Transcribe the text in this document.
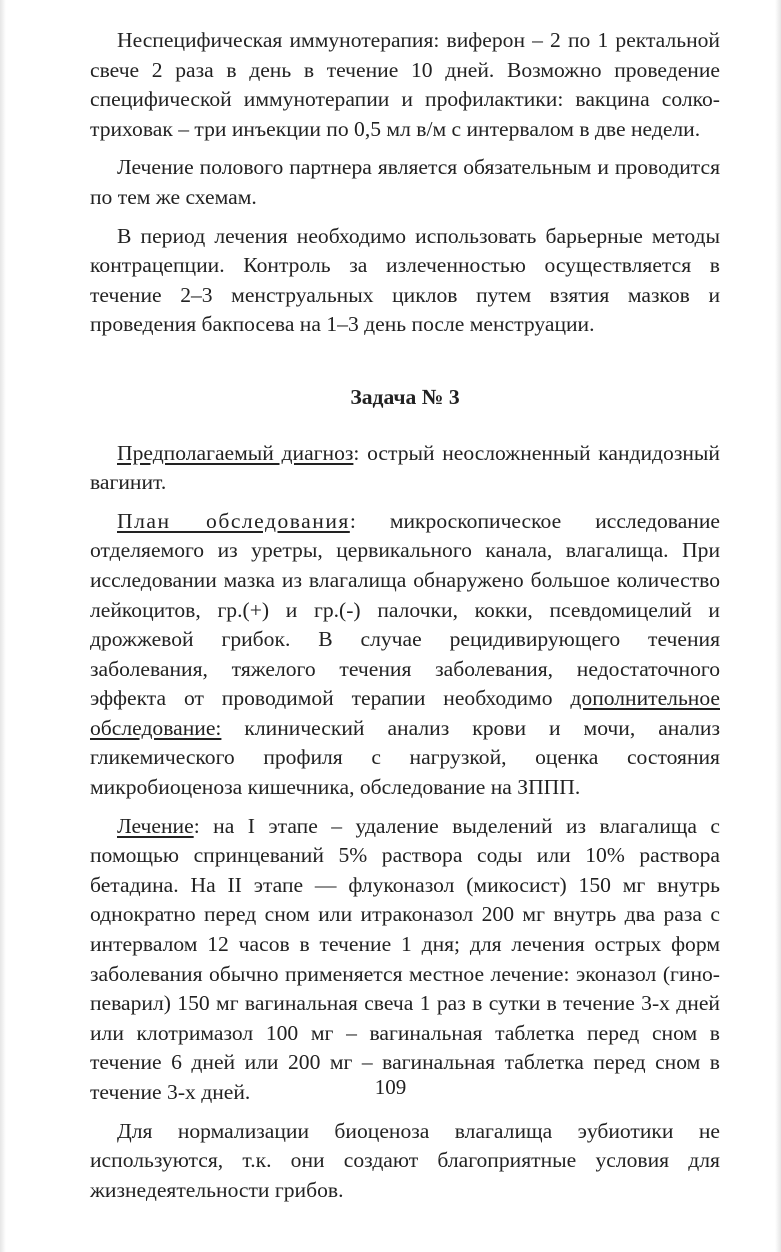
Неспецифическая иммунотерапия: виферон – 2 по 1 ректальной свече 2 раза в день в течение 10 дней. Возможно проведение специфической иммунотерапии и профилактики: вакцина солко-триховак – три инъекции по 0,5 мл в/м с интервалом в две недели.

Лечение полового партнера является обязательным и проводится по тем же схемам.

В период лечения необходимо использовать барьерные методы контрацепции. Контроль за излеченностью осуществляется в течение 2–3 менструальных циклов путем взятия мазков и проведения бакпосева на 1–3 день после менструации.

Задача № 3

Предполагаемый диагноз: острый неосложненный кандидозный вагинит.

План обследования: микроскопическое исследование отделяемого из уретры, цервикального канала, влагалища. При исследовании мазка из влагалища обнаружено большое количество лейкоцитов, гр.(+) и гр.(-) палочки, кокки, псевдомицелий и дрожжевой грибок. В случае рецидивирующего течения заболевания, тяжелого течения заболевания, недостаточного эффекта от проводимой терапии необходимо дополнительное обследование: клинический анализ крови и мочи, анализ гликемического профиля с нагрузкой, оценка состояния микробиоценоза кишечника, обследование на ЗППП.

Лечение: на I этапе – удаление выделений из влагалища с помощью спринцеваний 5% раствора соды или 10% раствора бетадина. На II этапе — флуконазол (микосист) 150 мг внутрь однократно перед сном или итраконазол 200 мг внутрь два раза с интервалом 12 часов в течение 1 дня; для лечения острых форм заболевания обычно применяется местное лечение: эконазол (гино-певарил) 150 мг вагинальная свеча 1 раз в сутки в течение 3-х дней или клотримазол 100 мг – вагинальная таблетка перед сном в течение 6 дней или 200 мг – вагинальная таблетка перед сном в течение 3-х дней.

Для нормализации биоценоза влагалища эубиотики не используются, т.к. они создают благоприятные условия для жизнедеятельности грибов.

109
